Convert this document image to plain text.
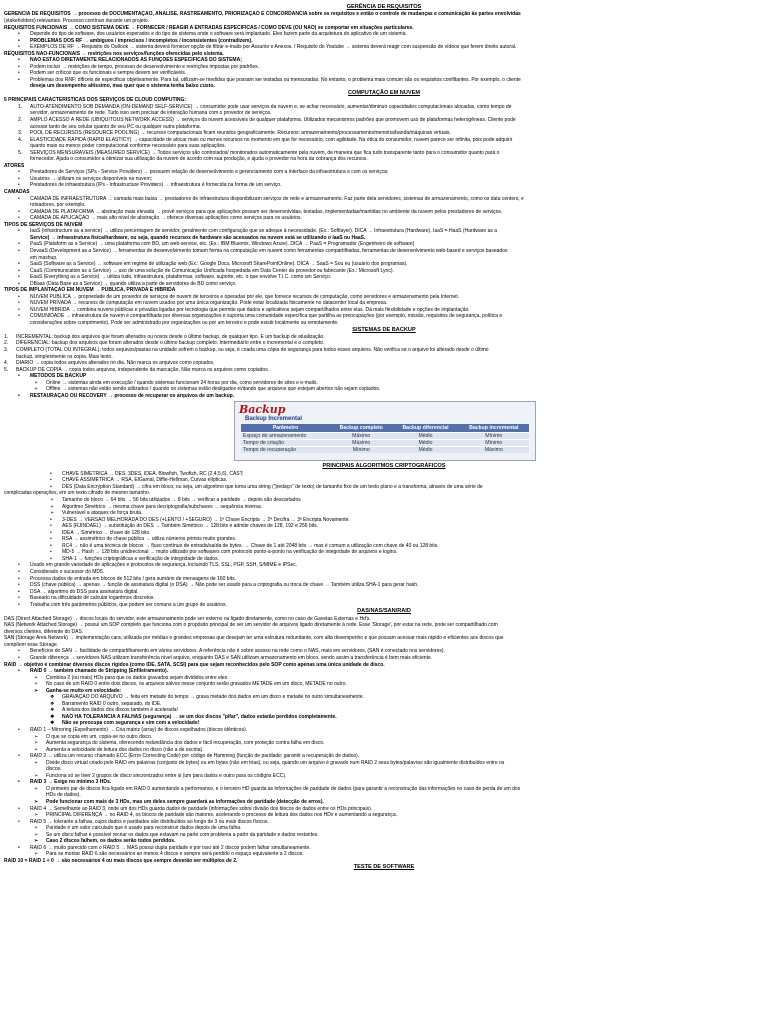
GERÊNCIA DE REQUISITOS

GERÊNCIA DE REQUISITOS → processo de DOCUMENTAÇÃO, ANÁLISE, RASTREAMENTO, PRIORIZAÇÃO E CONCORDÂNCIA sobre os requisitos e então o controle de mudanças e comunicação às partes envolvidas

(stakeholders) relevantes. Processo contínuo durante um projeto.

REQUISITOS FUNCIONAIS → COMO SISTEMA DEVE → FORNECER / REAGIR A ENTRADAS ESPECÍFICAS / COMO DEVE (OU NÃO) se comportar em situações particulares.

• Depende do tipo de software, dos usuários esperados e do tipo de sistema onde o software será implantado. Eles fazem parte da arquitetura do aplicativo de um sistema.

• PROBLEMAS DOS RF → ambíguos / imprecisos / incompletos / inconsistentes (contradizem).

• EXEMPLOS DE RF → Requisito do Outlook → sistema deverá fornecer opção de filtrar e-mails por Assunto e Anexos. / Requisito do Youtube → sistema deverá reagir com suspensão de vídeos que ferem direito autoral.

REQUISITOS NÃO-FUNCIONAIS → restrições nos serviços/funções oferecidas pelo sistema.

• NÃO ESTÃO DIRETAMENTE RELACIONADOS ÀS FUNÇÕES ESPECÍFICAS DO SISTEMA;

• Podem incluir → restrições de tempo, processo de desenvolvimento e restrições impostas por padrões.

• Podem ser críticos que os funcionais e sempre devem ser verificáveis.

• Problemas dos RNF: difíceis de especificar objetivamente. Para tal, utilizam-se medidas que possam ser testadas ou mensuradas. No entanto, o problema mais comum são os requisitos confiltantes. Por exemplo, o cliente

deseja um desempenho altíssimo, mas quer que o sistema tenha baixo custo.

COMPUTAÇÃO EM NUVEM

5 PRINCIPAIS CARACTERÍSTICAS DOS SERVIÇOS DE CLOUD COMPUTING:

1. AUTO-ATENDIMENTO SOB DEMANDA (ON-DEMAND SELF-SERVICE) → consumidor pode usar serviços da nuvem e, se achar necessário, aumentar/diminuir capacidades computacionais alocadas, como tempo de

servidor, armazenamento de rede. Tudo isso sem precisar de interação humana com o provedor de serviços.

2. AMPLO ACESSO À REDE (UBIQUITOUS NETWORK ACCESS) → serviços da nuvem acessíveis de qualquer plataforma. Utilizados mecanismos padrões que promovem uso de plataformas heterogêneas. Cliente pode

acessar tanto de seu celular quanto de seu PC ou qualquer outra plataforma.

3. POOL DE RECURSOS (RESOURCE POOLING) → recursos computacionais ficam reunidos geograficamente. Recursos: armazenamento/processamento/memória/banda/máquinas virtuais.

4. ELASTICIDADE RÁPIDA (RAPID ELASTICY) → capacidade de alocar mais ou menos recursos no momento em que for necessário, com agilidade. Na ótica do consumidor, nuvem parece ser infinita, pois pode adquirir

quanto mais ou menos poder computacional conforme necessário para suas aplicações.

5. SERVIÇOS MENSURÁVEIS (MEASURED SERVICE) → Todos serviços são controlados/ monitorados automaticamente pela nuvem, de maneira que fica tudo transparente tanto para o consumidor quanto para o

fornecedor. Ajuda o consumidor a otimizar sua utilização da nuvem de acordo com sua produção, e ajuda o provedor na hora da cobrança dos recursos.

ATORES

• Prestadores de Serviços (SPs - Service Providers) → possuem relação de desenvolvimento e gerenciamento com a interface da infraestrutura e com os serviços;

• Usuários → utilizam os serviços disponíveis na nuvem;

• Prestadores de infraestrutura (IPs - Infrastructure Providers) → infraestrutura é fornecida na forma de um serviço.

CAMADAS

• CAMADA DE INFRAESTRUTURA → camada mais baixa → prestadores de infraestrutura disponibilizam serviços de rede e armazenamento. Faz parte dela servidores, sistemas de armazenamento, como os data centers, e

roteadores, por exemplo.

• CAMADA DE PLATAFORMA → abstração mais elevada → provê serviços para que aplicações possam ser desenvolvidas, testadas, implementadas/mantidas no ambiente da nuvem pelos prestadores de serviços.

• CAMADA DE APLICAÇÃO → mais alto nível de abstração → oferece diversas aplicações como serviços para os usuários.

TIPOS DE SERVIÇOS DE NUVEM

• IaaS (infrastructure as a service) → utiliza percentagem de servidor, geralmente com configuração que se adeque à necessidade. (Ex.: Softlayer). DICA → Infraestrutura (Hardware). IaaS = HaaS (Hardware as a

Service) → infraestrutura física/hardware, ou seja, quando recursos de hardware são acessados na nuvem está se utilizando o IaaS ou HaaS.

• PaaS (Plataform as a Service) → uma plataforma com BD, um web-service, etc. (Ex.: IBM Bluemix, Windows Azure). DICA → PaaS = Programador (Engenheiro de software)

• DevaaS (Development as a Service) → ferramentas de desenvolvimento tomam forma na computação em nuvem como ferramentas compartilhadas, ferramentas de desenvolvimento web-based e serviços baseados

em mashup.

• SaaS (Software as a Service) → software em regime de utilização web (Ex.: Google Docs, Microsoft SharePointOnline). DICA → SaaS = Sou eu (usuário dos programas).

• CaaS (Communication as a Service) → uso de uma solução de Comunicação Unificada hospedada em Data Center do provedor ou fabricante (Ex.: Microsoft Lync).

• EaaS (Everything as a Service) → utiliza tudo, infraestrutura, plataformas, software, suporte, etc. o que envolve T.I.C. como um Serviço.

• DBaas (Data Base as a Service) → quando utiliza a parte de servidores de BD como serviço.

TIPOS DE IMPLANTAÇÃO EM NUVEM → PÚBLICA, PRIVADA E HÍBRIDA

• NUVEM PÚBLICA → propriedade de um provedor de serviços de nuvem de terceiros e operadas por ele, que fornece recursos de computação, como servidores e armazenamento pela Internet.

• NUVEM PRIVADA → recursos de computação em nuvem usados por uma única organização. Pode estar localizada fisicamente no datacenter local da empresa.

• NUVEM HÍBRIDA → combina nuvens públicas e privadas ligadas por tecnologia que permite que dados e aplicativos sejam compartilhados entre elas. Dá mais flexibilidade e opções de implantação.

• COMUNIDADE → infraestrutura de nuvem é compartilhada por diversas organizações e suporta uma comunidade específica que partilha as preocupações (por exemplo, missão, requisitos de segurança, política e

considerações sobre cumprimento). Pode ser administrado por organizações ou por um terceiro e pode existir localmente ou remotamente.

SISTEMAS DE BACKUP

1. INCREMENTAL: backup dos arquivos que foram alterados ou novos desde o último backup, de qualquer tipo. É um backup de atualização.

2. DIFERENCIAL: backup dos arquivos que foram alterados desde o último backup completo. Intermediário entre o incremental e o completo.

3. COMPLETO (TOTAL OU INTEGRAL): todos arquivos/pastas na unidade sofrem o backup, ou seja, é criada uma cópia de segurança para todos esses arquivos. Não verifica se o arquivo foi alterado desde o último

backup, simplesmente os copia. Mais lento.

4. DIÁRIO → copia todos arquivos alterados no dia. Não marca os arquivos como copiados.

5. BACKUP DE CÓPIA → copia todos arquivos, independente da marcação. Não marca os arquivos como copiados.

• MÉTODOS DE BACKUP

➢ Online → sistemas ainda em execução / quando sistemas funcionam 24 horas por dia, como servidores de sites e e-mails.

➢ Offline → sistemas não estão sendo utilizados / quando os sistemas estão desligados evitando que arquivos que estejam abertos não sejam copiados.

• RESTAURAÇÃO OU RECOVERY → processo de recuperar os arquivos de um backup.

Backup
Backup Incremental
Parâmetro	Backup completo	Backup diferencial	Backup incremental
Espaço de armazenamento	Máximo	Médio	Mínimo
Tempo de criação	Máximo	Médio	Mínimo
Tempo de recuperação	Mínimo	Médio	Máximo

PRINCIPAIS ALGORITMOS CRIPTOGRÁFICOS

• CHAVE SIMÉTRICA → DES, 3DES, IDEA, Blowfish, Twofish, RC (2,4,5,6), CAST;

• CHAVE ASSIMÉTRICA → RSA, ElGamal, Diffie-Hellman, Curvas elípticas.

• DES (Data Encryption Standard) → cifra em bloco, ou seja, um algoritmo que toma uma string ("pedaço" de texto) de tamanho fixo de um texto plano e a transforma, através de uma série de

complicadas operações, em um texto cifrado de mesmo tamanho.

➢ Tamanho do bloco → 64 bits → 56 bits utilizados → 8 bits → verificar a paridade → depois são descartados

➢ Algoritmo Simétrico → mesma chave para decriptografia/subchaves → sequência inversa.

➢ Vulnerável a ataques de força bruta.

• 3-DES → VERSÃO MELHORADA DO DES (+LENTO / +SEGURO) → 1ª Chave Encripta → 2ª Decifra → 3ª Encripta Novamente.

• AES (RJINDAEL) → substituição do DES → Também Simétrico → 128 bits e admite chaves de 128, 192 e 256 bits.

• IDEA → Simétrico → chave de 128 bits.

• RSA → assimétrico de chave pública → utiliza números primos muito grandes.

• RC4 → não é uma técnica de blocos → fluxo contínuo de entrada/saída de bytes. → Chave de 1 até 2048 bits → mas é comum a utilização com chave de 40 ou 128 bits.

• MD-5 → Hash → 128 bits unidirecional → muito utilizado por softwares com protocolo ponto-a-ponto na verificação de integridade de arquivos e logins.

• SHA-1 → funções criptográficas e verificação de integridade de dados.

• Usado em grande variedade de aplicações e protocolos de segurança, incluindo TLS, SSL, PGP, SSH, S/MIME e IPSec.

• Considerado o sucessor do MD5.

• Processa dados de entrada em blocos de 512 bits / gera sumário de mensagens de 160 bits.

• DSS (chave pública) → apenas → função de assinatura digital (o DSA) → Não pode ser usado para a criptografia ou troca de chave → Também utiliza SHA-1 para gerar hash.

• DSA → algoritmo do DSS para assinatura digital.

• Baseado na dificuldade de calcular logaritmos discretos.

• Trabalha com três parâmetros públicos, que podem ser comuns a um grupo de usuários.

DAS/NAS/SAN/RAID

DAS (Direct Attached Storage) → discos locais do servidor, este armazenamento pode ser externo ou ligado diretamente, como no caso de Gavetas Externas e Hd's.

NAS (Network Attached Storage) → possui um SOP completo que funciona com o propósito principal de ser um servidor de arquivos ligado diretamente à rede. Esse 'Storage', por estar na rede, pode ser compartilhado com

diversos clientes, diferente do DAS.

SAN (Storage Area Network) → implementação cara; utilizada por médias e grandes empresas que desejam ter uma estrutura redundante, com alta desempenho e que possam acessar mais rápido e eficientes aos discos que

compõem esse Storage.

• Benefícios do SAN → facilidade de compartilhamento em vários servidores. A referência não é sobre acesso na rede como o NAS, mais em servidores, (SAN é conectado nos servidores).

• Grande diferença → servidores NAS utilizam transferência nível arquivo, enquanto DAS e SAN utilizam armazenamento em bloco, sendo assim a transferência é bem mais eficiente.

RAID → objetivo é combinar diversos discos rígidos (como IDE, SATA, SCSI) para que sejam reconhecidos pelo SOP como apenas uma única unidade de disco.

• RAID 0 → também chamado de Stripping (Enfileiramento).

➢ Combina 2 (ou mais) HDs para que os dados gravados sejam divididos entre eles.

➢ No caso de um RAID 0 entre dois discos, os arquivos salvos nesse conjunto serão gravados METADE em um disco, METADE no outro.

➢ Ganha-se muito em velocidade:

❖ GRAVAÇÃO DO ARQUIVO → feita em metade do tempo → grava metade dos dados em um disco e metade no outro simultaneamente.

❖ Barramento RAID 0 outro, separado, do IDE.

❖ A leitura dos dados dos discos também é acelerada!

❖ NÃO HÁ TOLERÂNCIA A FALHAS (segurança) → se um dos discos "pifar", dados estarão perdidos completamente.

❖ Não se preocupa com segurança e sim com a velocidade!

• RAID 1 – Mirroring (Espelhamento) → Cria matriz (array) de discos espelhados (discos idênticos).

➢ O que se copia em um, copia-se no outro disco.

➢ Aumenta segurança do sistema, oferecendo redundância dos dados e fácil recuperação, com proteção contra falha em disco.

➢ Aumenta a velocidade de leitura dos dados no disco (não a de escrita).

• RAID 2 → utiliza um recurso chamado ECC (Error Correcting Code) por código de Hamming (função de paridade: garantir a recuperação de dados).

➢ Divide disco virtual criado pelo RAID em palavras (conjunto de bytes) ou em bytes (não em trias), ou seja, quando um arquivo é gravado num RAID 2 seus bytes/palavras são igualmente distribuídos entre os

discos.

➢ Funciona só se tiver 2 grupos de disco sincronizados entre si (um para dados e outro para os códigos ECC).

• RAID 3 → Exige no mínimo 3 HDs.

➢ O primeiro par de discos fica ligado em RAID 0 aumentando a performance, e o terceiro HD guarda as informações de paridade de dados (para garantir a reconstrução das informações no caso de perda de um dos

HDs de dados).

➢ Pode funcionar com mais de 3 HDs, mas um deles sempre guardará as informações de paridade (detecção de erros).

• RAID 4 → Semelhante ao RAID 3, onde um dos HDs guarda dados de paridade (informações sobre divisão dos blocos de dados entre os HDs principais).

➢ PRINCIPAL DIFERENÇA → no RAID 4, os blocos de paridade são maiores, acelerando o processo de leitura dos dados nos HDs e aumentando a segurança.

• RAID 5 → tolerante a falhas, cujos dados e paridades são distribuídos ao longo de 3 ou mais discos físicos.

➢ Paridade é um valor calculado que é usado para reconstruir dados depois de uma falha.

➢ Se um disco falhar é possível recriar os dados que estavam na parte com problema a partir da paridade e dados restantes.

➢ Caso 2 discos falhem, os dados serão todos perdidos.

• RAID 6 → muito parecido com o RAID 5 → MAS possui dupla paridade e por isso até 2 discos podem falhar simultaneamente.

➢ Para se montar RAID 6 são necessários ao menos 4 discos e sempre será perdido o espaço equivalente a 2 discos.

RAID 10 = RAID 1 + 0 → são necessários 4 ou mais discos que sempre deverão ser múltiplos de 2.

TESTE DE SOFTWARE
